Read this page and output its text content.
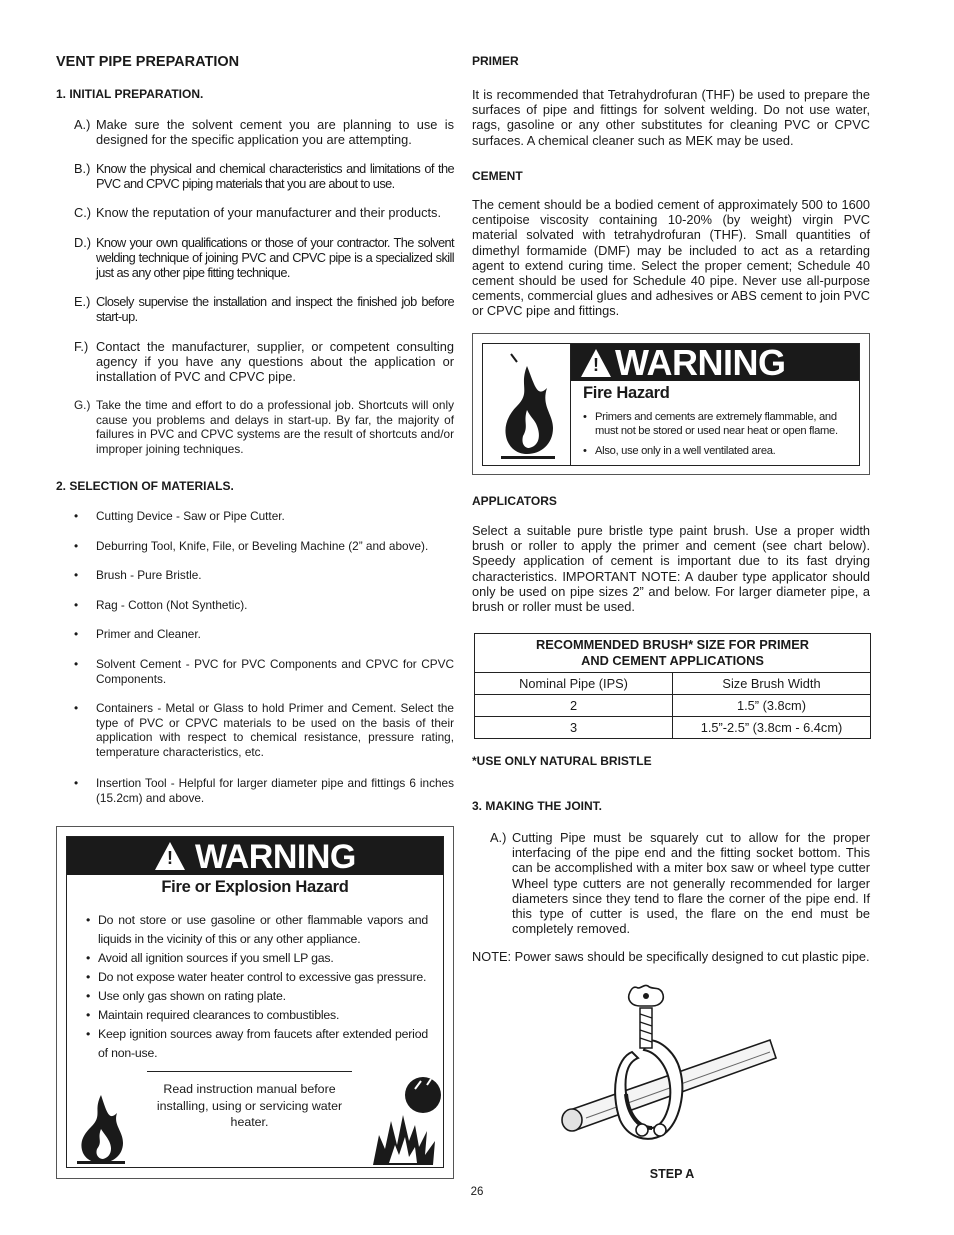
VENT PIPE PREPARATION
1. INITIAL PREPARATION.
A.) Make sure the solvent cement you are planning to use is designed for the specific application you are attempting.
B.) Know the physical and chemical characteristics and limitations of the PVC and CPVC piping materials that you are about to use.
C.) Know the reputation of your manufacturer and their products.
D.) Know your own qualifications or those of your contractor. The solvent welding technique of joining PVC and CPVC pipe is a specialized skill just as any other pipe fitting technique.
E.) Closely supervise the installation and inspect the finished job before start-up.
F.) Contact the manufacturer, supplier, or competent consulting agency if you have any questions about the application or installation of PVC and CPVC pipe.
G.) Take the time and effort to do a professional job. Shortcuts will only cause you problems and delays in start-up. By far, the majority of failures in PVC and CPVC systems are the result of shortcuts and/or improper joining techniques.
2. SELECTION OF MATERIALS.
• Cutting Device - Saw or Pipe Cutter.
• Deburring Tool, Knife, File, or Beveling Machine (2” and above).
• Brush - Pure Bristle.
• Rag - Cotton (Not Synthetic).
• Primer and Cleaner.
• Solvent Cement - PVC for PVC Components and CPVC for CPVC Components.
• Containers - Metal or Glass to hold Primer and Cement. Select the type of PVC or CPVC materials to be used on the basis of their application with respect to chemical resistance, pressure rating, temperature characteristics, etc.
• Insertion Tool - Helpful for larger diameter pipe and fittings 6 inches (15.2cm) and above.
! WARNING
Fire or Explosion Hazard
• Do not store or use gasoline or other flammable vapors and liquids in the vicinity of this or any other appliance.
• Avoid all ignition sources if you smell LP gas.
• Do not expose water heater control to excessive gas pressure.
• Use only gas shown on rating plate.
• Maintain required clearances to combustibles.
• Keep ignition sources away from faucets after extended period of non-use.
Read instruction manual before installing, using or servicing water heater.
PRIMER

It is recommended that Tetrahydrofuran (THF) be used to prepare the surfaces of pipe and fittings for solvent welding. Do not use water, rags, gasoline or any other substitutes for cleaning PVC or CPVC surfaces. A chemical cleaner such as MEK may be used.

CEMENT

The cement should be a bodied cement of approximately 500 to 1600 centipoise viscosity containing 10-20% (by weight) virgin PVC material solvated with tetrahydrofuran (THF). Small quantities of dimethyl formamide (DMF) may be included to act as a retarding agent to extend curing time. Select the proper cement; Schedule 40 cement should be used for Schedule 40 pipe. Never use all-purpose cements, commercial glues and adhesives or ABS cement to join PVC or CPVC pipe and fittings.

! WARNING
Fire Hazard
• Primers and cements are extremely flammable, and must not be stored or used near heat or open flame.
• Also, use only in a well ventilated area.
APPLICATORS

Select a suitable pure bristle type paint brush. Use a proper width brush or roller to apply the primer and cement (see chart below). Speedy application of cement is important due to its fast drying characteristics. IMPORTANT NOTE: A dauber type applicator should only be used on pipe sizes 2” and below. For larger diameter pipe, a brush or roller must be used.

RECOMMENDED BRUSH* SIZE FOR PRIMER
AND CEMENT APPLICATIONS	

Nominal Pipe (IPS)	Size Brush Width
2	1.5” (3.8cm)
3	1.5”-2.5” (3.8cm - 6.4cm)
*USE ONLY NATURAL BRISTLE
3. MAKING THE JOINT.
A.) Cutting Pipe must be squarely cut to allow for the proper interfacing of the pipe end and the fitting socket bottom. This can be accomplished with a miter box saw or wheel type cutter Wheel type cutters are not generally recommended for larger diameters since they tend to flare the corner of the pipe end. If this type of cutter is used, the flare on the end must be completely removed.

NOTE: Power saws should be specifically designed to cut plastic pipe.

STEP A
26
